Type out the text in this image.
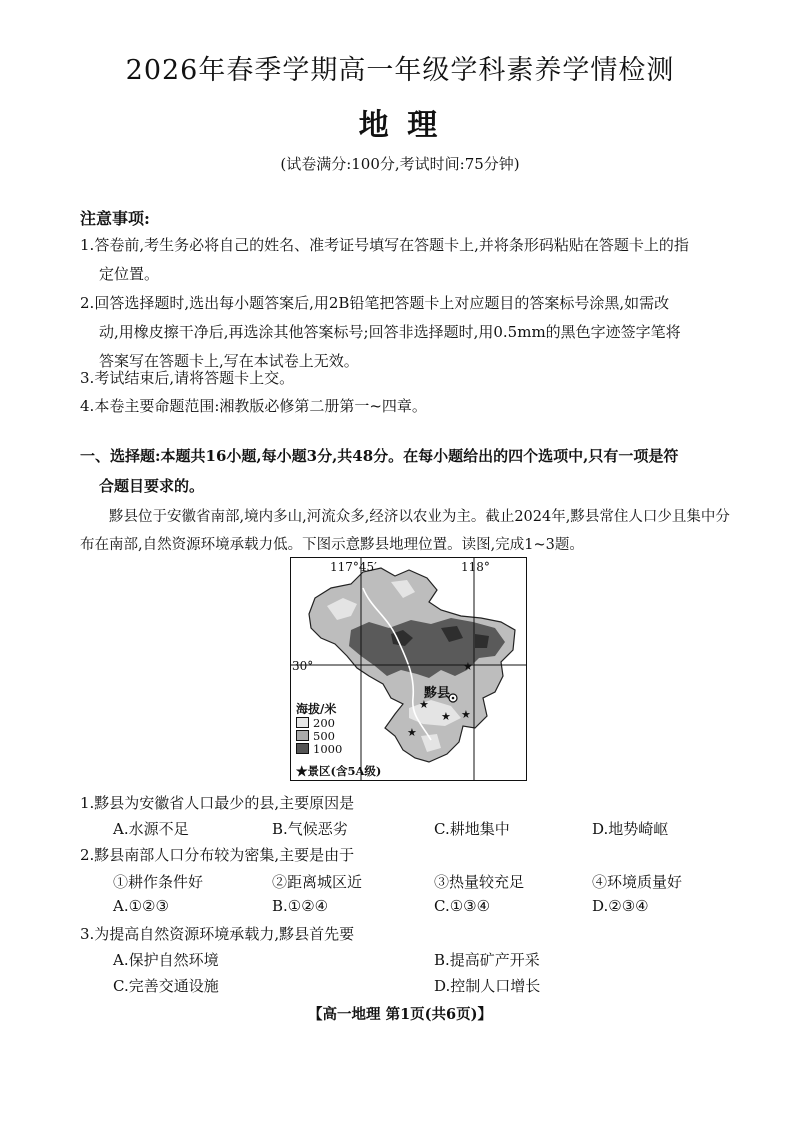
2026年春季学期高一年级学科素养学情检测
地 理
(试卷满分:100分,考试时间:75分钟)
注意事项:
1.答卷前,考生务必将自己的姓名、准考证号填写在答题卡上,并将条形码粘贴在答题卡上的指
定位置。
2.回答选择题时,选出每小题答案后,用2B铅笔把答题卡上对应题目的答案标号涂黑,如需改
动,用橡皮擦干净后,再选涂其他答案标号;回答非选择题时,用0.5mm的黑色字迹签字笔将
答案写在答题卡上,写在本试卷上无效。
3.考试结束后,请将答题卡上交。
4.本卷主要命题范围:湘教版必修第二册第一~四章。
一、选择题:本题共16小题,每小题3分,共48分。在每小题给出的四个选项中,只有一项是符
合题目要求的。
黟县位于安徽省南部,境内多山,河流众多,经济以农业为主。截止2024年,黟县常住人口少且集中分布在南部,自然资源环境承载力低。下图示意黟县地理位置。读图,完成1~3题。
★
★ ★
★
★
117°45′	118°
30°
黟县
海拔/米
200
500
1000
★景区(含5A级)
1.黟县为安徽省人口最少的县,主要原因是
A.水源不足	B.气候恶劣	C.耕地集中	D.地势崎岖
2.黟县南部人口分布较为密集,主要是由于
①耕作条件好	②距离城区近	③热量较充足	④环境质量好
A.①②③	B.①②④	C.①③④	D.②③④
3.为提高自然资源环境承载力,黟县首先要
A.保护自然环境	B.提高矿产开采
C.完善交通设施	D.控制人口增长
【高一地理 第1页(共6页)】
